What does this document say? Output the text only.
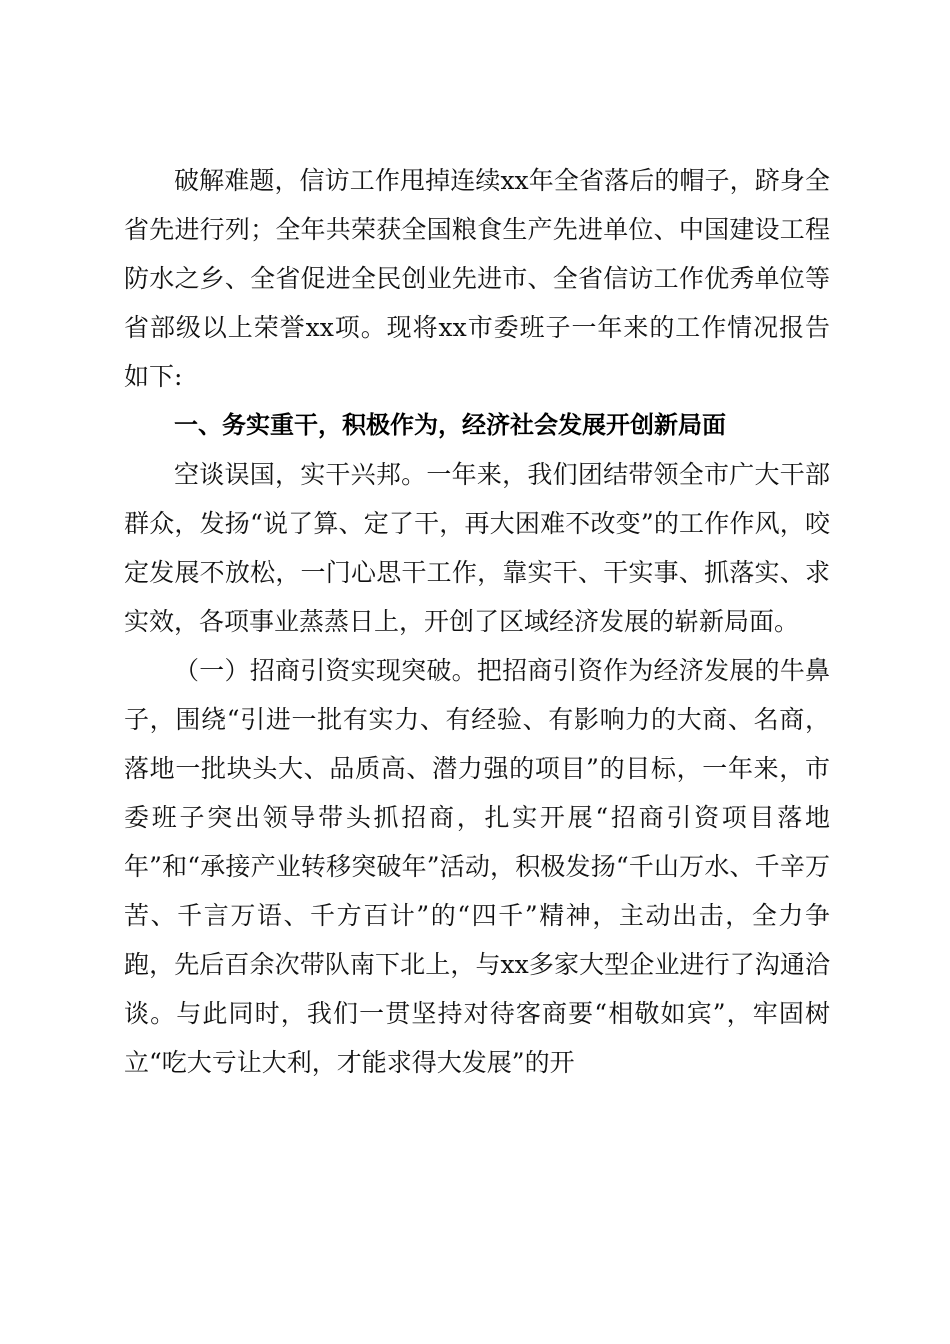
破解难题，信访工作甩掉连续xx年全省落后的帽子，跻身全省先进行列；全年共荣获全国粮食生产先进单位、中国建设工程防水之乡、全省促进全民创业先进市、全省信访工作优秀单位等省部级以上荣誉xx项。现将xx市委班子一年来的工作情况报告如下:

一、务实重干，积极作为，经济社会发展开创新局面

空谈误国，实干兴邦。一年来，我们团结带领全市广大干部群众，发扬“说了算、定了干，再大困难不改变”的工作作风，咬定发展不放松，一门心思干工作，靠实干、干实事、抓落实、求实效，各项事业蒸蒸日上，开创了区域经济发展的崭新局面。

（一）招商引资实现突破。把招商引资作为经济发展的牛鼻子，围绕“引进一批有实力、有经验、有影响力的大商、名商，落地一批块头大、品质高、潜力强的项目”的目标，一年来，市委班子突出领导带头抓招商，扎实开展“招商引资项目落地年”和“承接产业转移突破年”活动，积极发扬“千山万水、千辛万苦、千言万语、千方百计”的“四千”精神，主动出击，全力争跑，先后百余次带队南下北上，与xx多家大型企业进行了沟通洽谈。与此同时，我们一贯坚持对待客商要“相敬如宾”，牢固树立“吃大亏让大利，才能求得大发展”的开
